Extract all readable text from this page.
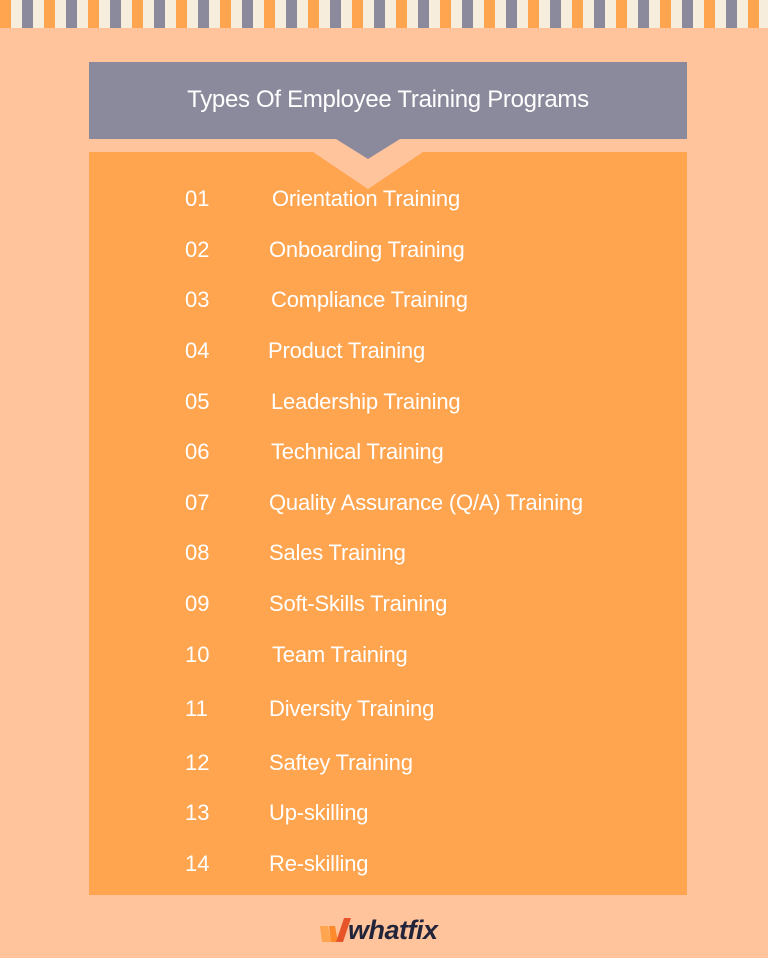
Types Of Employee Training Programs
01	Orientation Training
02	Onboarding Training
03	Compliance Training
04	Product Training
05	Leadership Training
06	Technical Training
07	Quality Assurance (Q/A) Training
08	Sales Training
09	Soft-Skills Training
10	Team Training
11	Diversity Training
12	Saftey Training
13	Up-skilling
14	Re-skilling
whatfix
